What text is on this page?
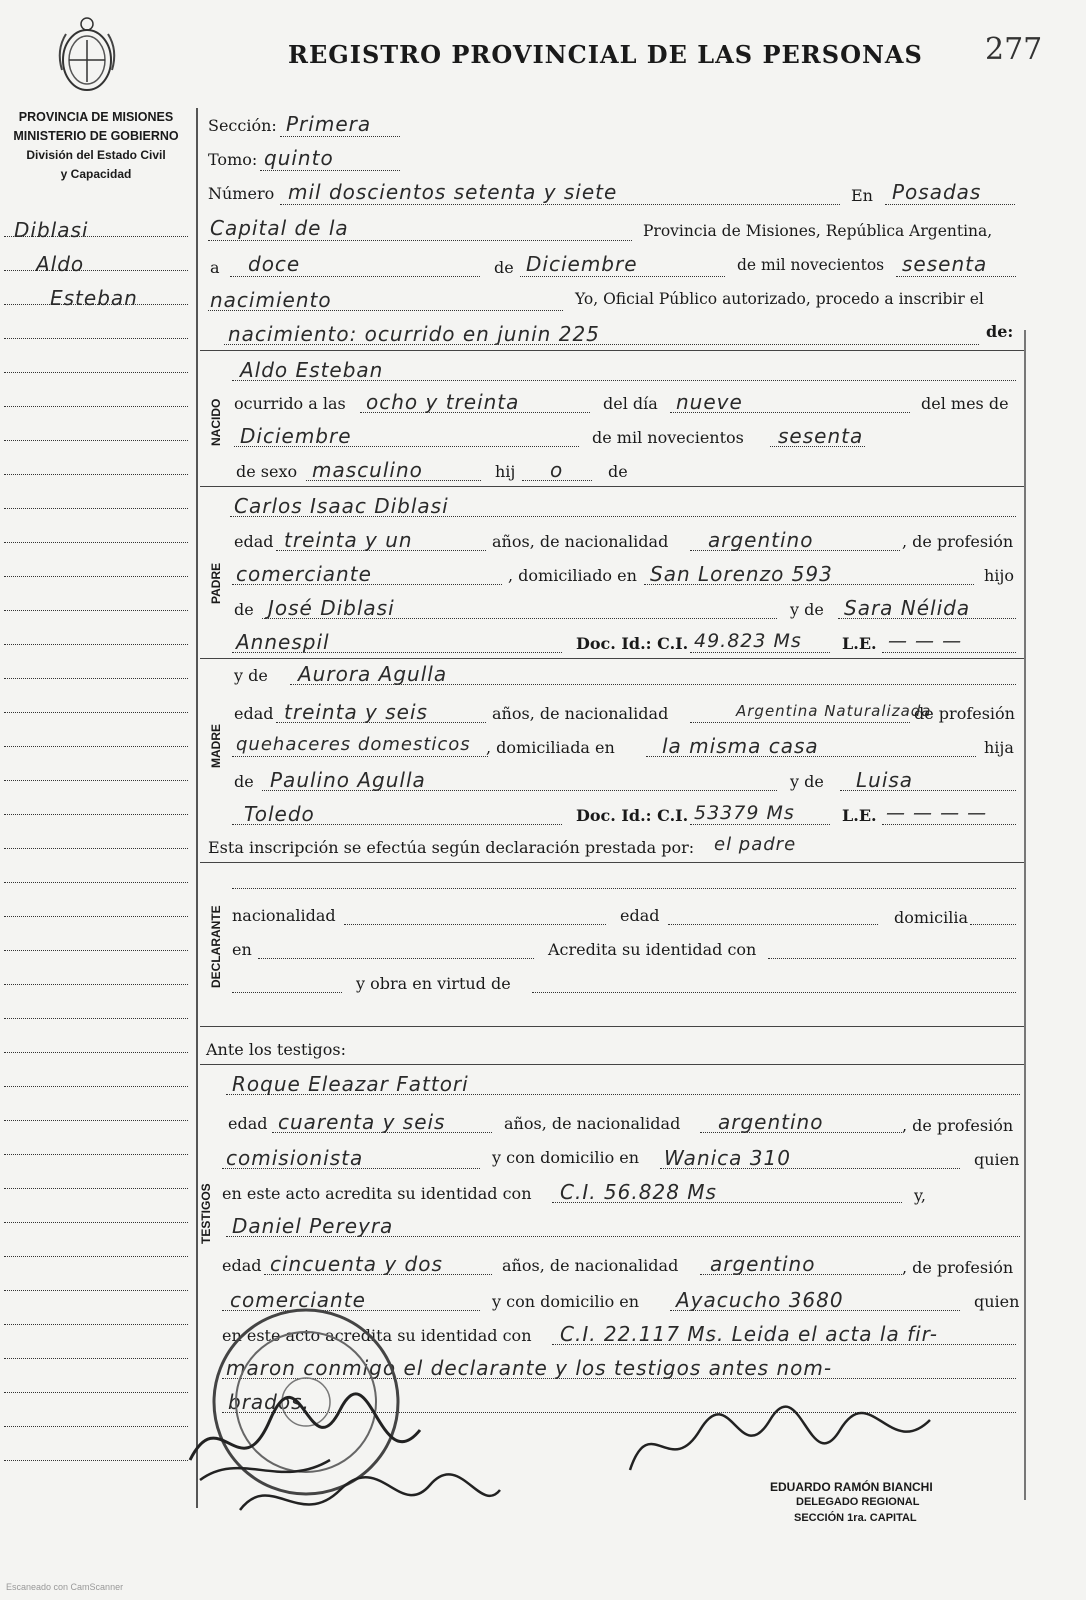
REGISTRO PROVINCIAL DE LAS PERSONAS 277
PROVINCIA DE MISIONES
MINISTERIO DE GOBIERNO
División del Estado Civil
y Capacidad
Diblasi
Aldo
Esteban
Sección: Primera
Tomo: quinto
Número mil doscientos setenta y siete	En Posadas
Capital de la	Provincia de Misiones, República Argentina,
a doce	de Diciembre	de mil novecientos sesenta
nacimiento	Yo, Oficial Público autorizado, procedo a inscribir el
nacimiento: ocurrido en junin 225	de:
NACIDO
Aldo Esteban
ocurrido a las ocho y treinta	del día nueve	del mes de
Diciembre	de mil novecientos sesenta
de sexo masculino	hij o	de
PADRE
Carlos Isaac Diblasi
edad treinta y un	años, de nacionalidad argentino	, de profesión
comerciante	, domiciliado en San Lorenzo 593	hijo
de José Diblasi	y de Sara Nélida
Annespil	Doc. Id.: C.I. 49.823 Ms	L.E. — — —
MADRE
y de Aurora Agulla
edad treinta y seis	años, de nacionalidad	Argentina Naturalizada
de profesión
quehaceres domesticos , domiciliada en la misma casa	hija
de Paulino Agulla	y de Luisa
Toledo	Doc. Id.: C.I. 53379 Ms	L.E. — — — —
Esta inscripción se efectúa según declaración prestada por: el padre
DECLARANTE nacionalidad	edad	domicilia
en	Acredita su identidad con
y obra en virtud de
Ante los testigos:
TESTIGOS
Roque Eleazar Fattori
edad cuarenta y seis	años, de nacionalidad argentino	, de profesión
comisionista	y con domicilio en Wanica 310	quien
en este acto acredita su identidad con C.I. 56.828 Ms	y,
Daniel Pereyra
edad cincuenta y dos	años, de nacionalidad argentino	, de profesión
comerciante	y con domicilio en Ayacucho 3680	quien
en este acto acredita su identidad con C.I. 22.117 Ms. Leida el acta la fir-
maron conmigo el declarante y los testigos antes nom-
brados.
EDUARDO RAMÓN BIANCHI
DELEGADO REGIONAL
SECCIÓN 1ra. CAPITAL
Escaneado con CamScanner
